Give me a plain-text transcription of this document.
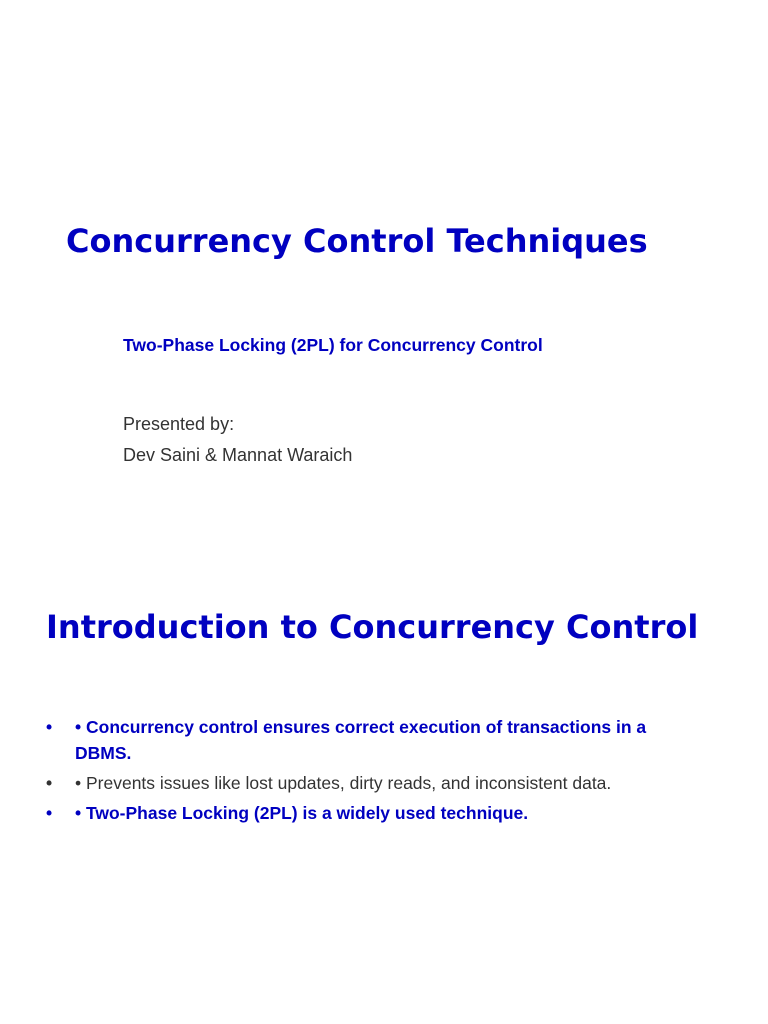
Concurrency Control Techniques

Two-Phase Locking (2PL) for Concurrency Control

Presented by:
Dev Saini & Mannat Waraich

Introduction to Concurrency Control
• • Concurrency control ensures correct execution of transactions in a DBMS.
• • Prevents issues like lost updates, dirty reads, and inconsistent data.
• • Two-Phase Locking (2PL) is a widely used technique.
